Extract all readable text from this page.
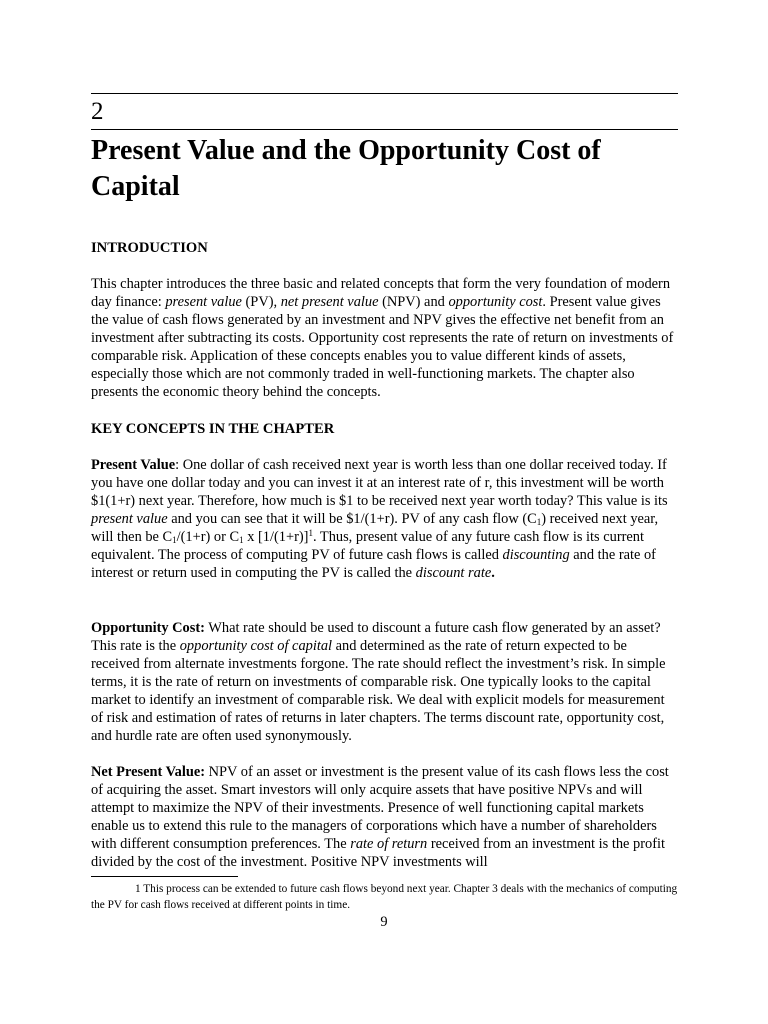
2
Present Value and the Opportunity Cost of Capital
INTRODUCTION

This chapter introduces the three basic and related concepts that form the very foundation of modern day finance: present value (PV), net present value (NPV) and opportunity cost. Present value gives the value of cash flows generated by an investment and NPV gives the effective net benefit from an investment after subtracting its costs. Opportunity cost represents the rate of return on investments of comparable risk. Application of these concepts enables you to value different kinds of assets, especially those which are not commonly traded in well-functioning markets. The chapter also presents the economic theory behind the concepts.

KEY CONCEPTS IN THE CHAPTER

Present Value: One dollar of cash received next year is worth less than one dollar received today. If you have one dollar today and you can invest it at an interest rate of r, this investment will be worth $1(1+r) next year. Therefore, how much is $1 to be received next year worth today? This value is its present value and you can see that it will be $1/(1+r). PV of any cash flow $(C_1)$ received next year, will then be $C_1/(1+r)$ or $C_1$ x $[1/(1+r)]^1$. Thus, present value of any future cash flow is its current equivalent. The process of computing PV of future cash flows is called discounting and the rate of interest or return used in computing the PV is called the discount rate.

Opportunity Cost: What rate should be used to discount a future cash flow generated by an asset? This rate is the opportunity cost of capital and determined as the rate of return expected to be received from alternate investments forgone. The rate should reflect the investment’s risk. In simple terms, it is the rate of return on investments of comparable risk. One typically looks to the capital market to identify an investment of comparable risk. We deal with explicit models for measurement of risk and estimation of rates of returns in later chapters. The terms discount rate, opportunity cost, and hurdle rate are often used synonymously.

Net Present Value: NPV of an asset or investment is the present value of its cash flows less the cost of acquiring the asset. Smart investors will only acquire assets that have positive NPVs and will attempt to maximize the NPV of their investments. Presence of well functioning capital markets enable us to extend this rule to the managers of corporations which have a number of shareholders with different consumption preferences. The rate of return received from an investment is the profit divided by the cost of the investment. Positive NPV investments will

1 This process can be extended to future cash flows beyond next year. Chapter 3 deals with the mechanics of computing the PV for cash flows received at different points in time.

9
